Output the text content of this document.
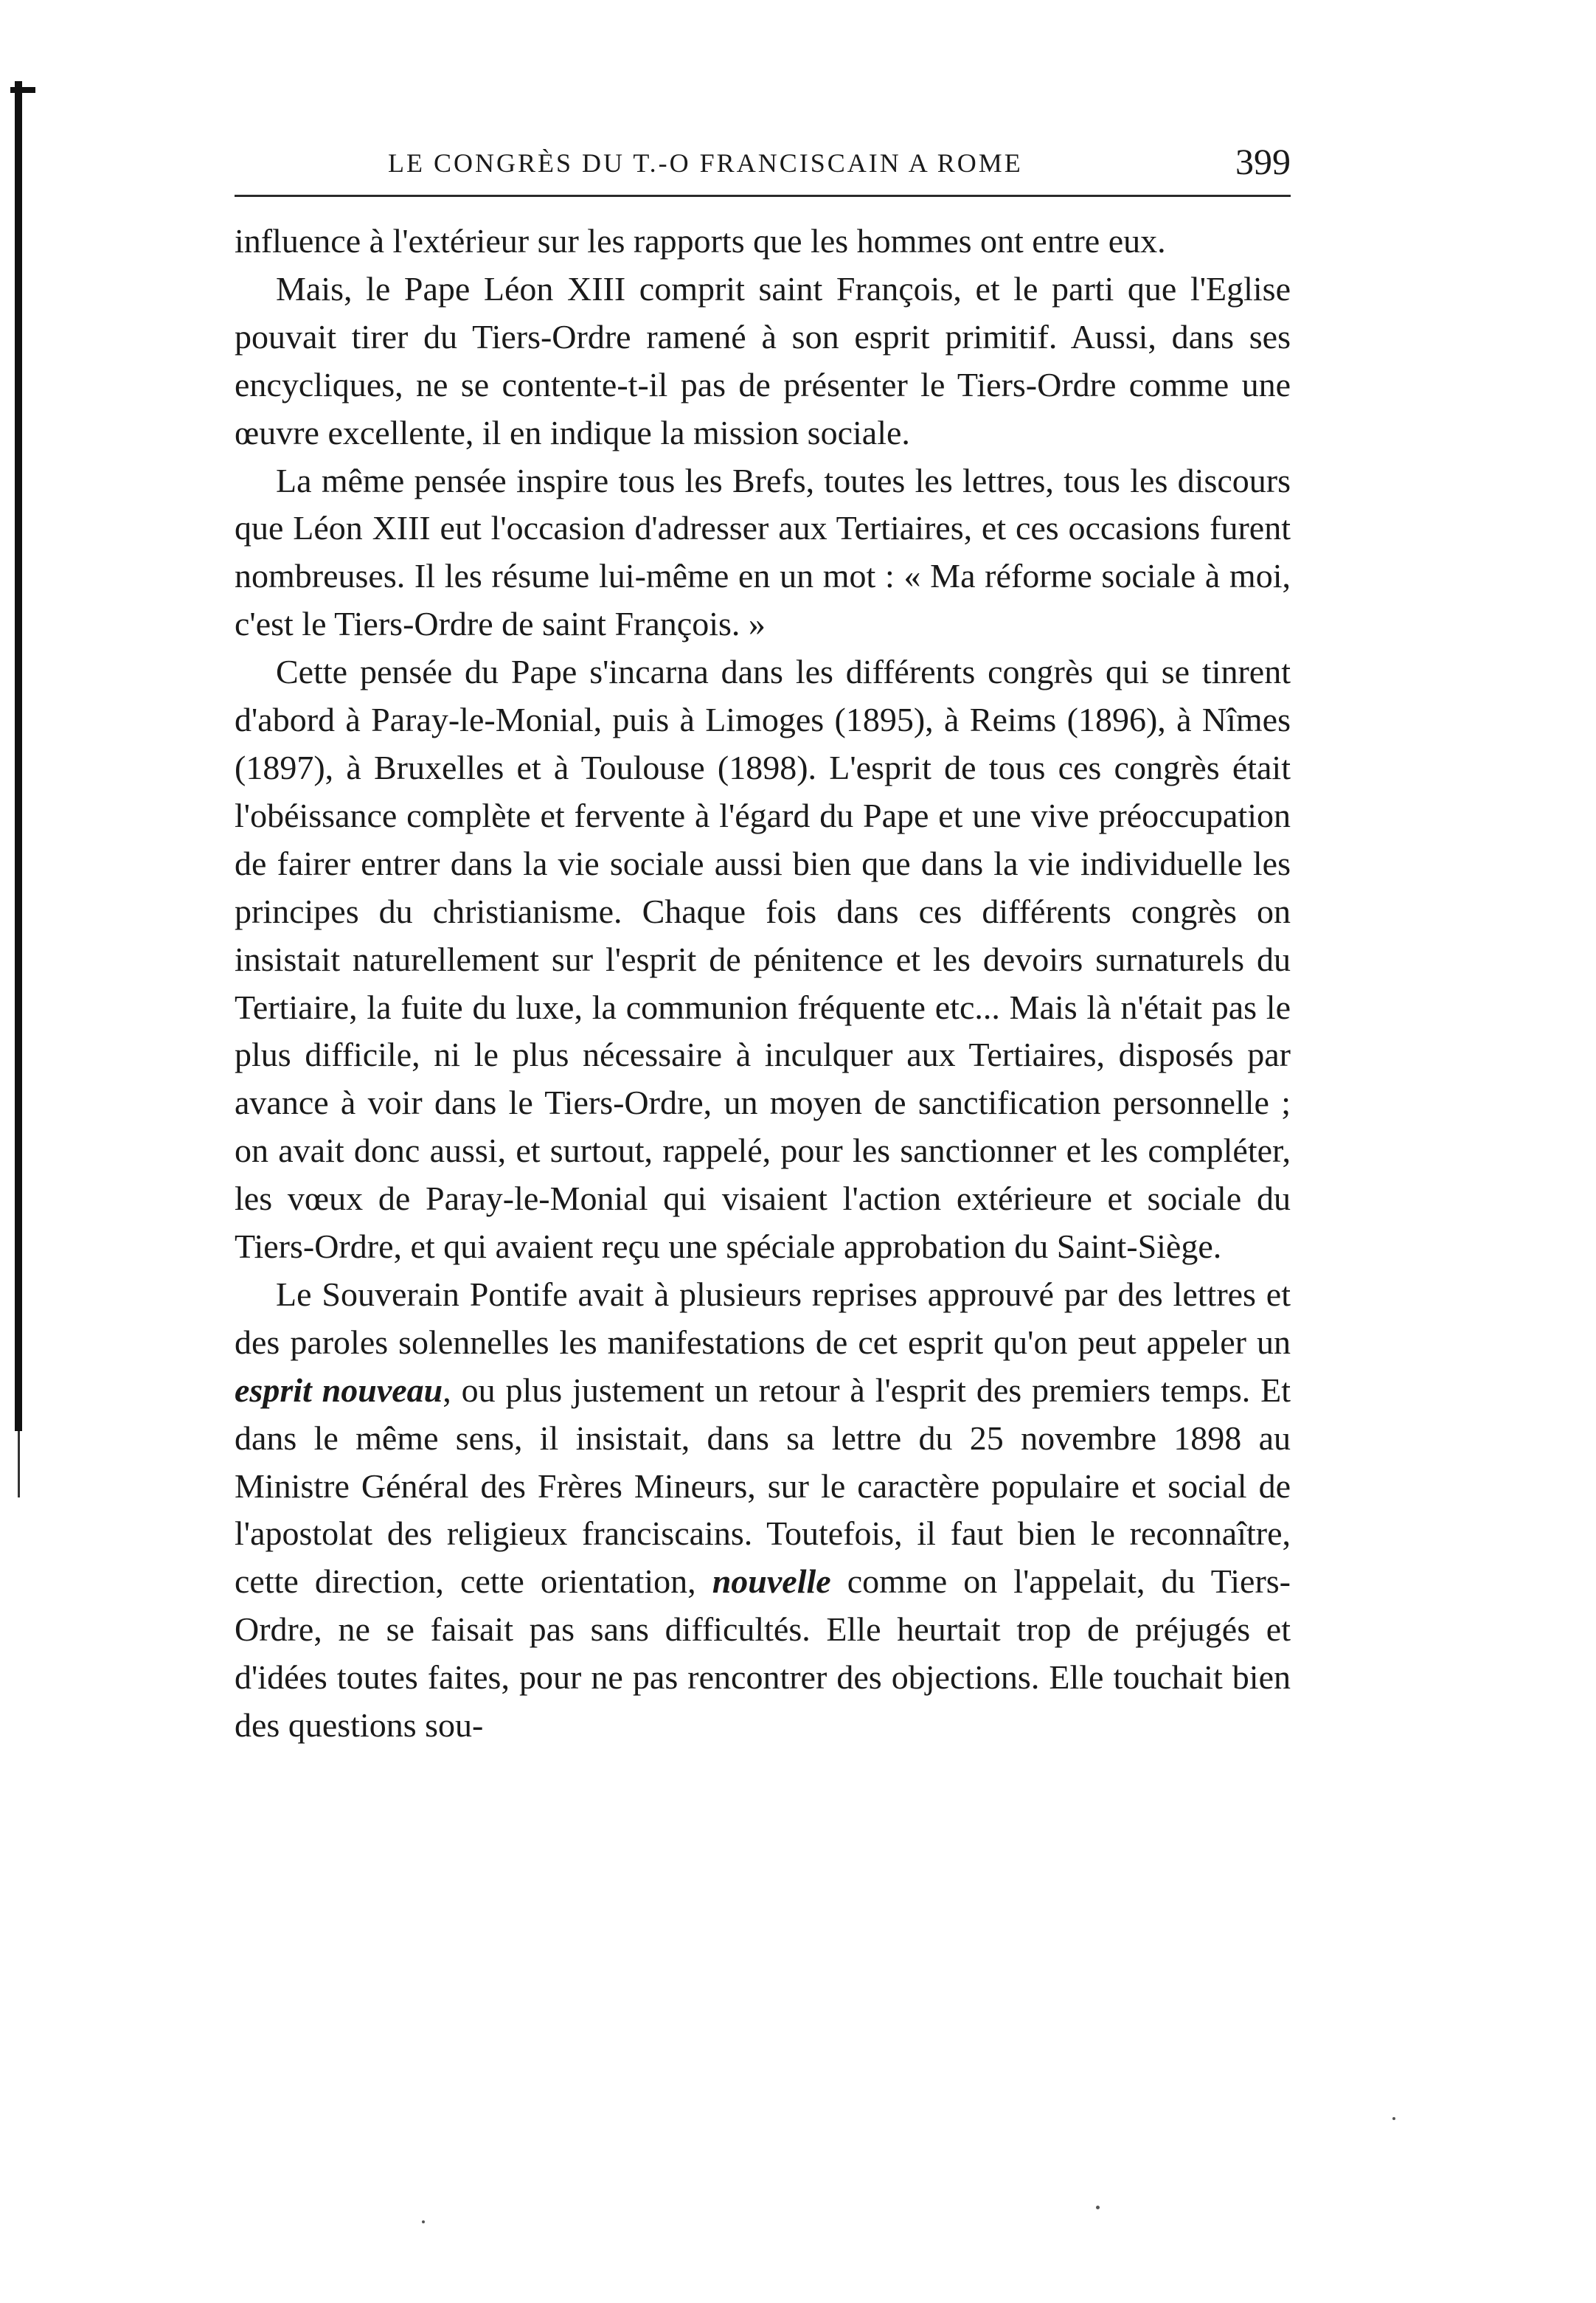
LE CONGRÈS DU T.-O FRANCISCAIN A ROME	399

influence à l'extérieur sur les rapports que les hommes ont entre eux.

Mais, le Pape Léon XIII comprit saint François, et le parti que l'Eglise pouvait tirer du Tiers-Ordre ramené à son esprit primitif. Aussi, dans ses encycliques, ne se contente-t-il pas de présenter le Tiers-Ordre comme une œuvre excellente, il en indique la mission sociale.

La même pensée inspire tous les Brefs, toutes les lettres, tous les discours que Léon XIII eut l'occasion d'adresser aux Tertiaires, et ces occasions furent nombreuses. Il les résume lui-même en un mot : « Ma réforme sociale à moi, c'est le Tiers-Ordre de saint François. »

Cette pensée du Pape s'incarna dans les différents congrès qui se tinrent d'abord à Paray-le-Monial, puis à Limoges (1895), à Reims (1896), à Nîmes (1897), à Bruxelles et à Toulouse (1898). L'esprit de tous ces congrès était l'obéissance complète et fervente à l'égard du Pape et une vive préoccupation de fairer entrer dans la vie sociale aussi bien que dans la vie individuelle les principes du christianisme. Chaque fois dans ces différents congrès on insistait naturellement sur l'esprit de pénitence et les devoirs surnaturels du Tertiaire, la fuite du luxe, la communion fréquente etc... Mais là n'était pas le plus difficile, ni le plus nécessaire à inculquer aux Tertiaires, disposés par avance à voir dans le Tiers-Ordre, un moyen de sanctification personnelle ; on avait donc aussi, et surtout, rappelé, pour les sanctionner et les compléter, les vœux de Paray-le-Monial qui visaient l'action extérieure et sociale du Tiers-Ordre, et qui avaient reçu une spéciale approbation du Saint-Siège.

Le Souverain Pontife avait à plusieurs reprises approuvé par des lettres et des paroles solennelles les manifestations de cet esprit qu'on peut appeler un esprit nouveau, ou plus justement un retour à l'esprit des premiers temps. Et dans le même sens, il insistait, dans sa lettre du 25 novembre 1898 au Ministre Général des Frères Mineurs, sur le caractère populaire et social de l'apostolat des religieux franciscains. Toutefois, il faut bien le reconnaître, cette direction, cette orientation, nouvelle comme on l'appelait, du Tiers-Ordre, ne se faisait pas sans difficultés. Elle heurtait trop de préjugés et d'idées toutes faites, pour ne pas rencontrer des objections. Elle touchait bien des questions sou-
